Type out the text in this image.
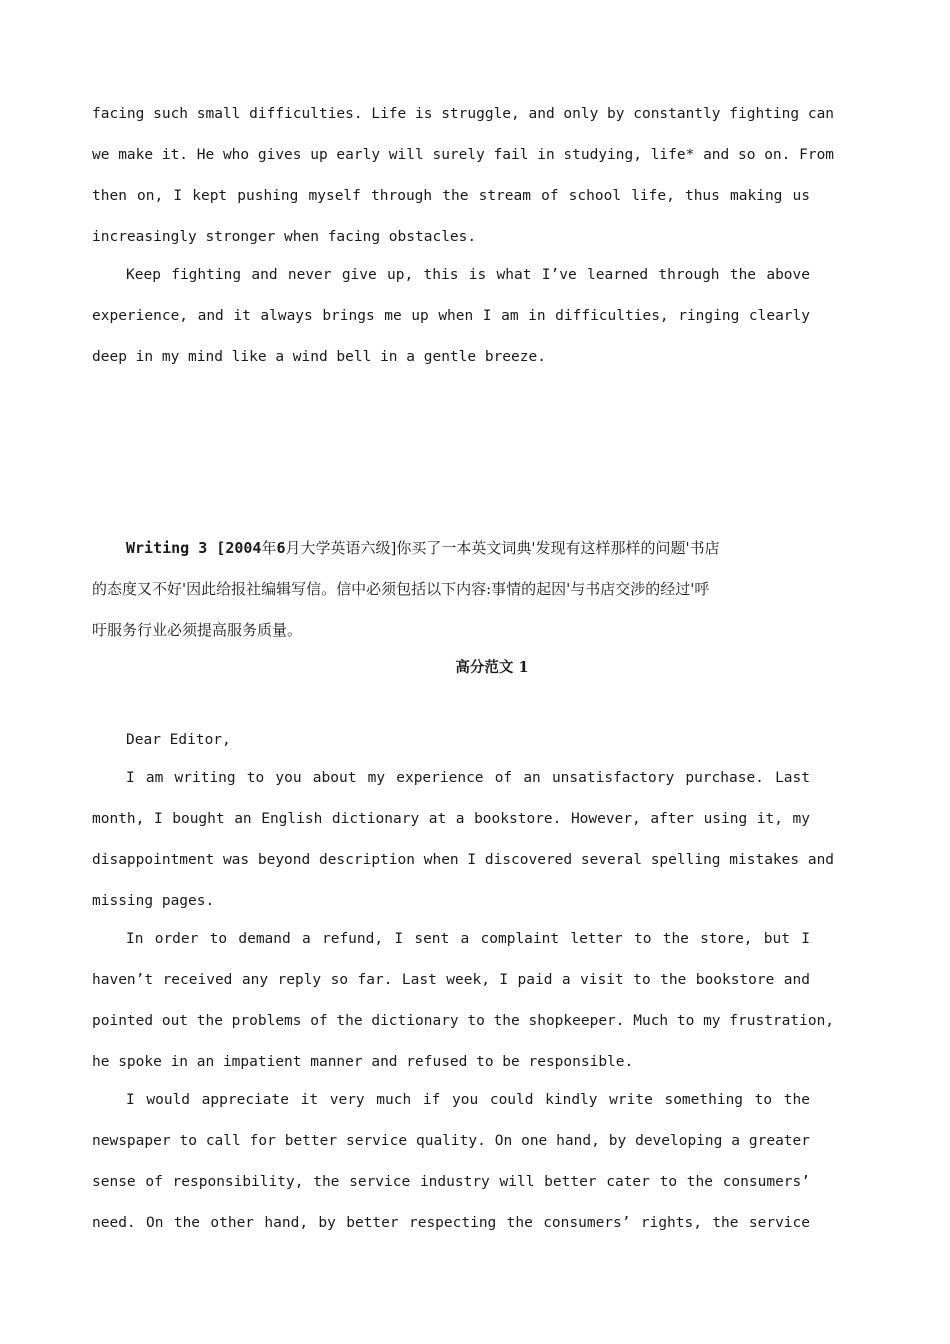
facing such small difficulties. Life is struggle, and only by constantly fighting can
we make it. He who gives up early will surely fail in studying, life* and so on. From
then on, I kept pushing myself through the stream of school life, thus making us
increasingly stronger when facing obstacles.
Keep fighting and never give up, this is what I’ve learned through the above
experience, and it always brings me up when I am in difficulties, ringing clearly
deep in my mind like a wind bell in a gentle breeze.
Writing 3 [2004年6月大学英语六级]你买了一本英文词典'发现有这样那样的问题'书店
的态度又不好'因此给报社编辑写信。信中必须包括以下内容:事情的起因'与书店交涉的经过'呼
吁服务行业必须提高服务质量。
高分范文 1
Dear Editor,
I am writing to you about my experience of an unsatisfactory purchase. Last
month, I bought an English dictionary at a bookstore. However, after using it, my
disappointment was beyond description when I discovered several spelling mistakes and
missing pages.
In order to demand a refund, I sent a complaint letter to the store, but I
haven’t received any reply so far. Last week, I paid a visit to the bookstore and
pointed out the problems of the dictionary to the shopkeeper. Much to my frustration,
he spoke in an impatient manner and refused to be responsible.
I would appreciate it very much if you could kindly write something to the
newspaper to call for better service quality. On one hand, by developing a greater
sense of responsibility, the service industry will better cater to the consumers’
need. On the other hand, by better respecting the consumers’ rights, the service
